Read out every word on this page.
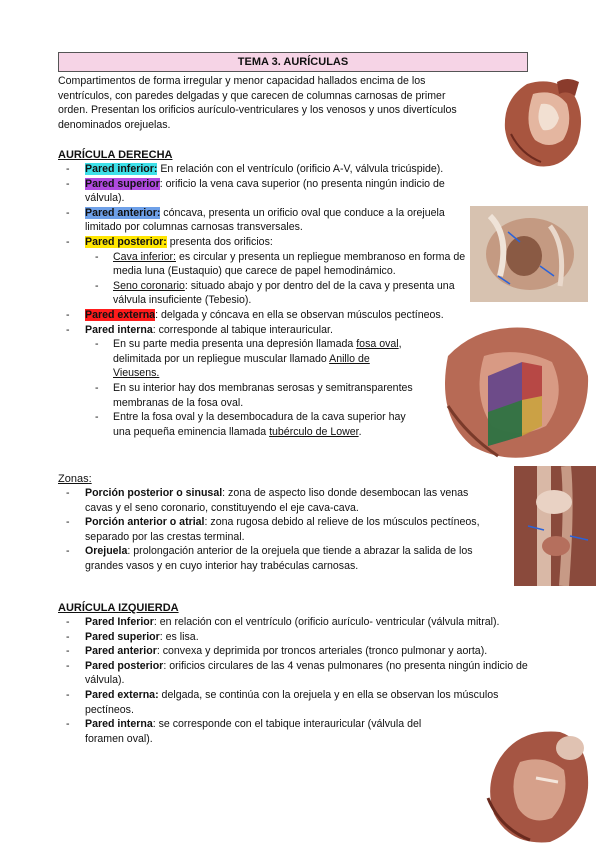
TEMA 3. AURÍCULAS
Compartimentos de forma irregular y menor capacidad hallados encima de los ventrículos, con paredes delgadas y que carecen de columnas carnosas de primer orden. Presentan los orificios aurículo-ventriculares y los venosos y unos divertículos denominados orejuelas.
AURÍCULA DERECHA
- Pared inferior: En relación con el ventrículo (orificio A-V, válvula tricúspide).
- Pared superior: orificio la vena cava superior (no presenta ningún indicio de válvula).
- Pared anterior: cóncava, presenta un orificio oval que conduce a la orejuela limitado por columnas carnosas transversales.
- Pared posterior: presenta dos orificios:
- Cava inferior: es circular y presenta un repliegue membranoso en forma de media luna (Eustaquio) que carece de papel hemodinámico.
- Seno coronario: situado abajo y por dentro del de la cava y presenta una válvula insuficiente (Tebesio).
- Pared externa: delgada y cóncava en ella se observan músculos pectíneos.
- Pared interna: corresponde al tabique interauricular.
- En su parte media presenta una depresión llamada fosa oval, delimitada por un repliegue muscular llamado Anillo de Vieusens.
- En su interior hay dos membranas serosas y semitransparentes membranas de la fosa oval.
- Entre la fosa oval y la desembocadura de la cava superior hay una pequeña eminencia llamada tubérculo de Lower.
Zonas:
- Porción posterior o sinusal: zona de aspecto liso donde desembocan las venas cavas y el seno coronario, constituyendo el eje cava-cava.
- Porción anterior o atrial: zona rugosa debido al relieve de los músculos pectíneos, separado por las crestas terminal.
- Orejuela: prolongación anterior de la orejuela que tiende a abrazar la salida de los grandes vasos y en cuyo interior hay trabéculas carnosas.
AURÍCULA IZQUIERDA
- Pared Inferior: en relación con el ventrículo (orificio aurículo- ventricular (válvula mitral).
- Pared superior: es lisa.
- Pared anterior: convexa y deprimida por troncos arteriales (tronco pulmonar y aorta).
- Pared posterior: orificios circulares de las 4 venas pulmonares (no presenta ningún indicio de válvula).
- Pared externa: delgada, se continúa con la orejuela y en ella se observan los músculos pectíneos.
- Pared interna: se corresponde con el tabique interauricular (válvula del foramen oval).
